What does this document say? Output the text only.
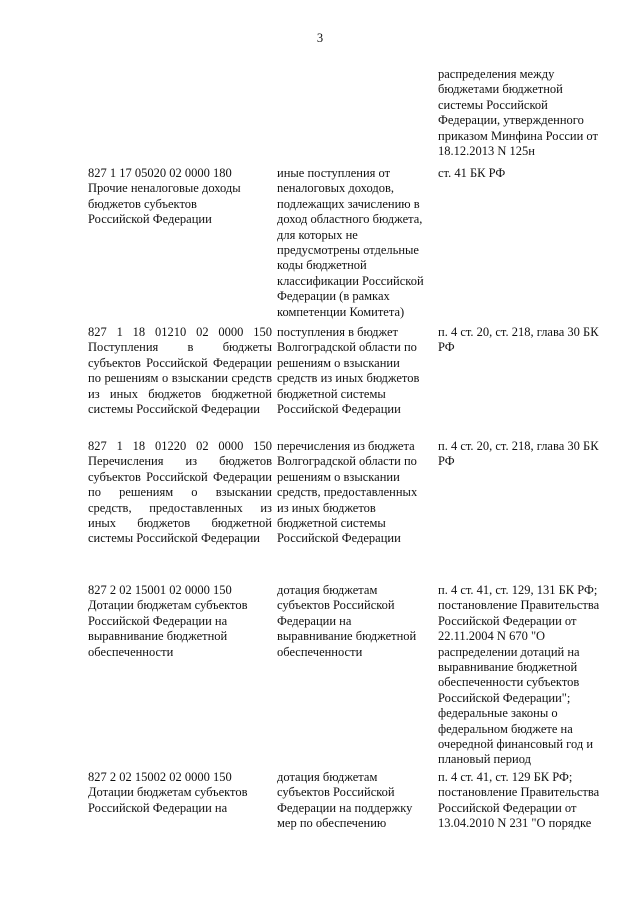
3
распределения между
бюджетами бюджетной
системы Российской
Федерации, утвержденного
приказом Минфина России от
18.12.2013 N 125н
827 1 17 05020 02 0000 180
Прочие неналоговые доходы
бюджетов субъектов
Российской Федерации
иные поступления от
neналоговых доходов,
подлежащих зачислению в
доход областного бюджета,
для которых не
предусмотрены отдельные
коды бюджетной
классификации Российской
Федерации (в рамках
компетенции Комитета)
ст. 41 БК РФ
827 1 18 01210 02 0000 150 Поступления в бюджеты субъектов Российской Федерации по решениям о взыскании средств из иных бюджетов бюджетной системы Российской Федерации
поступления в бюджет
Волгоградской области по
решениям о взыскании
средств из иных бюджетов
бюджетной системы
Российской Федерации
п. 4 ст. 20, ст. 218, глава 30 БК
РФ
827 1 18 01220 02 0000 150 Перечисления из бюджетов субъектов Российской Федерации по решениям о взыскании средств, предоставленных из иных бюджетов бюджетной системы Российской Федерации
перечисления из бюджета
Волгоградской области по
решениям о взыскании
средств, предоставленных
из иных бюджетов
бюджетной системы
Российской Федерации
п. 4 ст. 20, ст. 218, глава 30 БК
РФ
827 2 02 15001 02 0000 150
Дотации бюджетам субъектов
Российской Федерации на
выравнивание бюджетной
обеспеченности
дотация бюджетам
субъектов Российской
Федерации на
выравнивание бюджетной
обеспеченности
п. 4 ст. 41, ст. 129, 131 БК РФ;
постановление Правительства
Российской Федерации от
22.11.2004 N 670 "О
распределении дотаций на
выравнивание бюджетной
обеспеченности субъектов
Российской Федерации";
федеральные законы о
федеральном бюджете на
очередной финансовый год и
плановый период
827 2 02 15002 02 0000 150
Дотации бюджетам субъектов
Российской Федерации на
дотация бюджетам
субъектов Российской
Федерации на поддержку
мер по обеспечению
п. 4 ст. 41, ст. 129 БК РФ;
постановление Правительства
Российской Федерации от
13.04.2010 N 231 "О порядке
